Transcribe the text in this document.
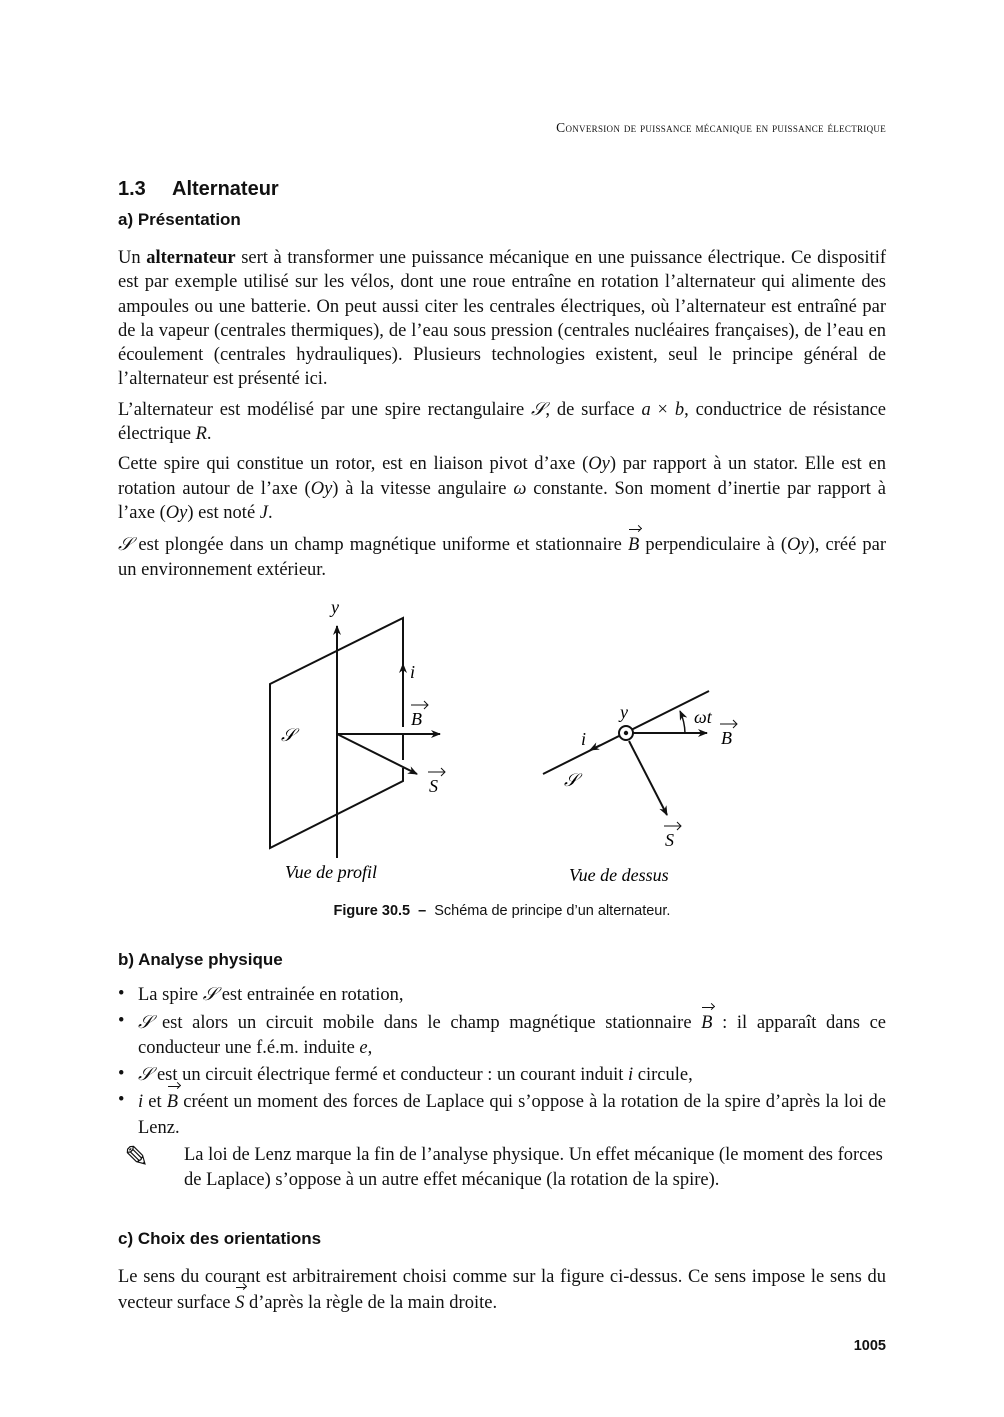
Conversion de puissance mécanique en puissance électrique
1.3 Alternateur
a) Présentation

Un alternateur sert à transformer une puissance mécanique en une puissance électrique. Ce dispositif est par exemple utilisé sur les vélos, dont une roue entraîne en rotation l’alternateur qui alimente des ampoules ou une batterie. On peut aussi citer les centrales électriques, où l’alternateur est entraîné par de la vapeur (centrales thermiques), de l’eau sous pression (centrales nucléaires françaises), de l’eau en écoulement (centrales hydrauliques). Plusieurs technologies existent, seul le principe général de l’alternateur est présenté ici.

L’alternateur est modélisé par une spire rectangulaire 𝒮, de surface a × b, conductrice de résistance électrique R.

Cette spire qui constitue un rotor, est en liaison pivot d’axe (Oy) par rapport à un stator. Elle est en rotation autour de l’axe (Oy) à la vitesse angulaire ω constante. Son moment d’inertie par rapport à l’axe (Oy) est noté J.

𝒮 est plongée dans un champ magnétique uniforme et stationnaire B perpendiculaire à (Oy), créé par un environnement extérieur.

y
i
B
S
𝒮
Vue de profil
y	ωt
B
i
𝒮
S
Vue de dessus
Figure 30.5 – Schéma de principe d’un alternateur.
b) Analyse physique
• La spire 𝒮 est entrainée en rotation,
• 𝒮 est alors un circuit mobile dans le champ magnétique stationnaire B : il apparaît dans ce conducteur une f.é.m. induite e,
• 𝒮 est un circuit électrique fermé et conducteur : un courant induit i circule,
• i et B créent un moment des forces de Laplace qui s’oppose à la rotation de la spire d’après la loi de Lenz.
✎ La loi de Lenz marque la fin de l’analyse physique. Un effet mécanique (le moment des forces de Laplace) s’oppose à un autre effet mécanique (la rotation de la spire).
c) Choix des orientations

Le sens du courant est arbitrairement choisi comme sur la figure ci-dessus. Ce sens impose le sens du vecteur surface S d’après la règle de la main droite.

1005
